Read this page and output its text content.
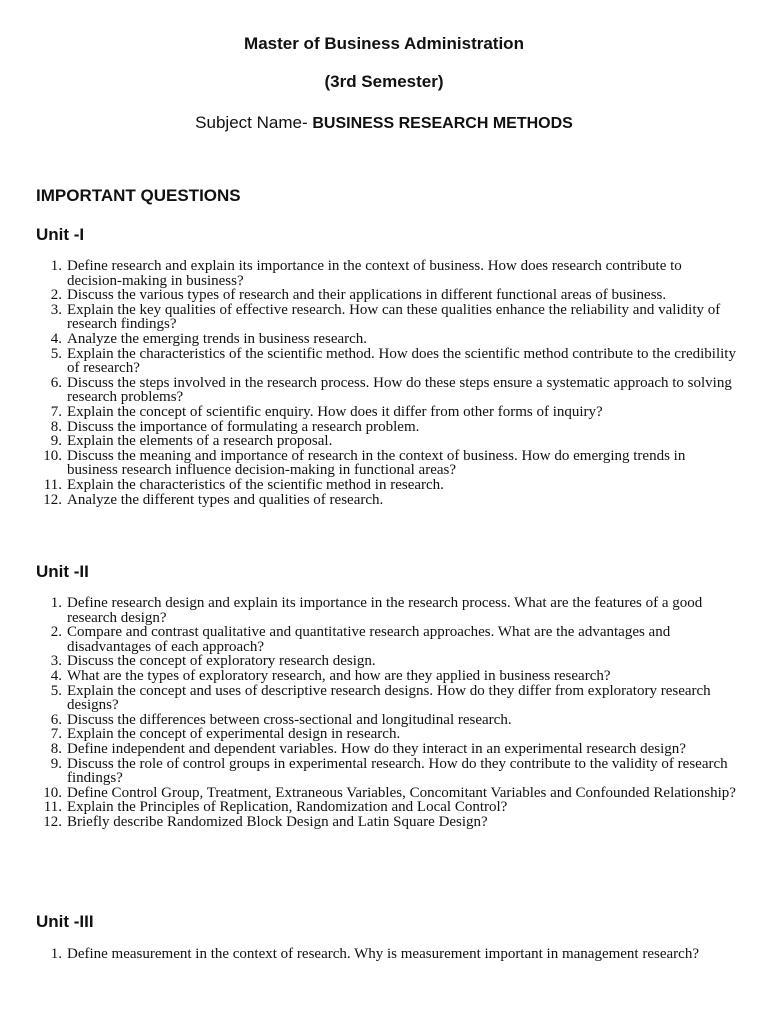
Master of Business Administration
(3rd Semester)
Subject Name- BUSINESS RESEARCH METHODS
IMPORTANT QUESTIONS
Unit -I
1. Define research and explain its importance in the context of business. How does research contribute to decision-making in business?
2. Discuss the various types of research and their applications in different functional areas of business.
3. Explain the key qualities of effective research. How can these qualities enhance the reliability and validity of research findings?
4. Analyze the emerging trends in business research.
5. Explain the characteristics of the scientific method. How does the scientific method contribute to the credibility of research?
6. Discuss the steps involved in the research process. How do these steps ensure a systematic approach to solving research problems?
7. Explain the concept of scientific enquiry. How does it differ from other forms of inquiry?
8. Discuss the importance of formulating a research problem.
9. Explain the elements of a research proposal.
10. Discuss the meaning and importance of research in the context of business. How do emerging trends in business research influence decision-making in functional areas?
11. Explain the characteristics of the scientific method in research.
12. Analyze the different types and qualities of research.
Unit -II
1. Define research design and explain its importance in the research process. What are the features of a good research design?
2. Compare and contrast qualitative and quantitative research approaches. What are the advantages and disadvantages of each approach?
3. Discuss the concept of exploratory research design.
4. What are the types of exploratory research, and how are they applied in business research?
5. Explain the concept and uses of descriptive research designs. How do they differ from exploratory research designs?
6. Discuss the differences between cross-sectional and longitudinal research.
7. Explain the concept of experimental design in research.
8. Define independent and dependent variables. How do they interact in an experimental research design?
9. Discuss the role of control groups in experimental research. How do they contribute to the validity of research findings?
10. Define Control Group, Treatment, Extraneous Variables, Concomitant Variables and Confounded Relationship?
11. Explain the Principles of Replication, Randomization and Local Control?
12. Briefly describe Randomized Block Design and Latin Square Design?
Unit -III
1. Define measurement in the context of research. Why is measurement important in management research?
